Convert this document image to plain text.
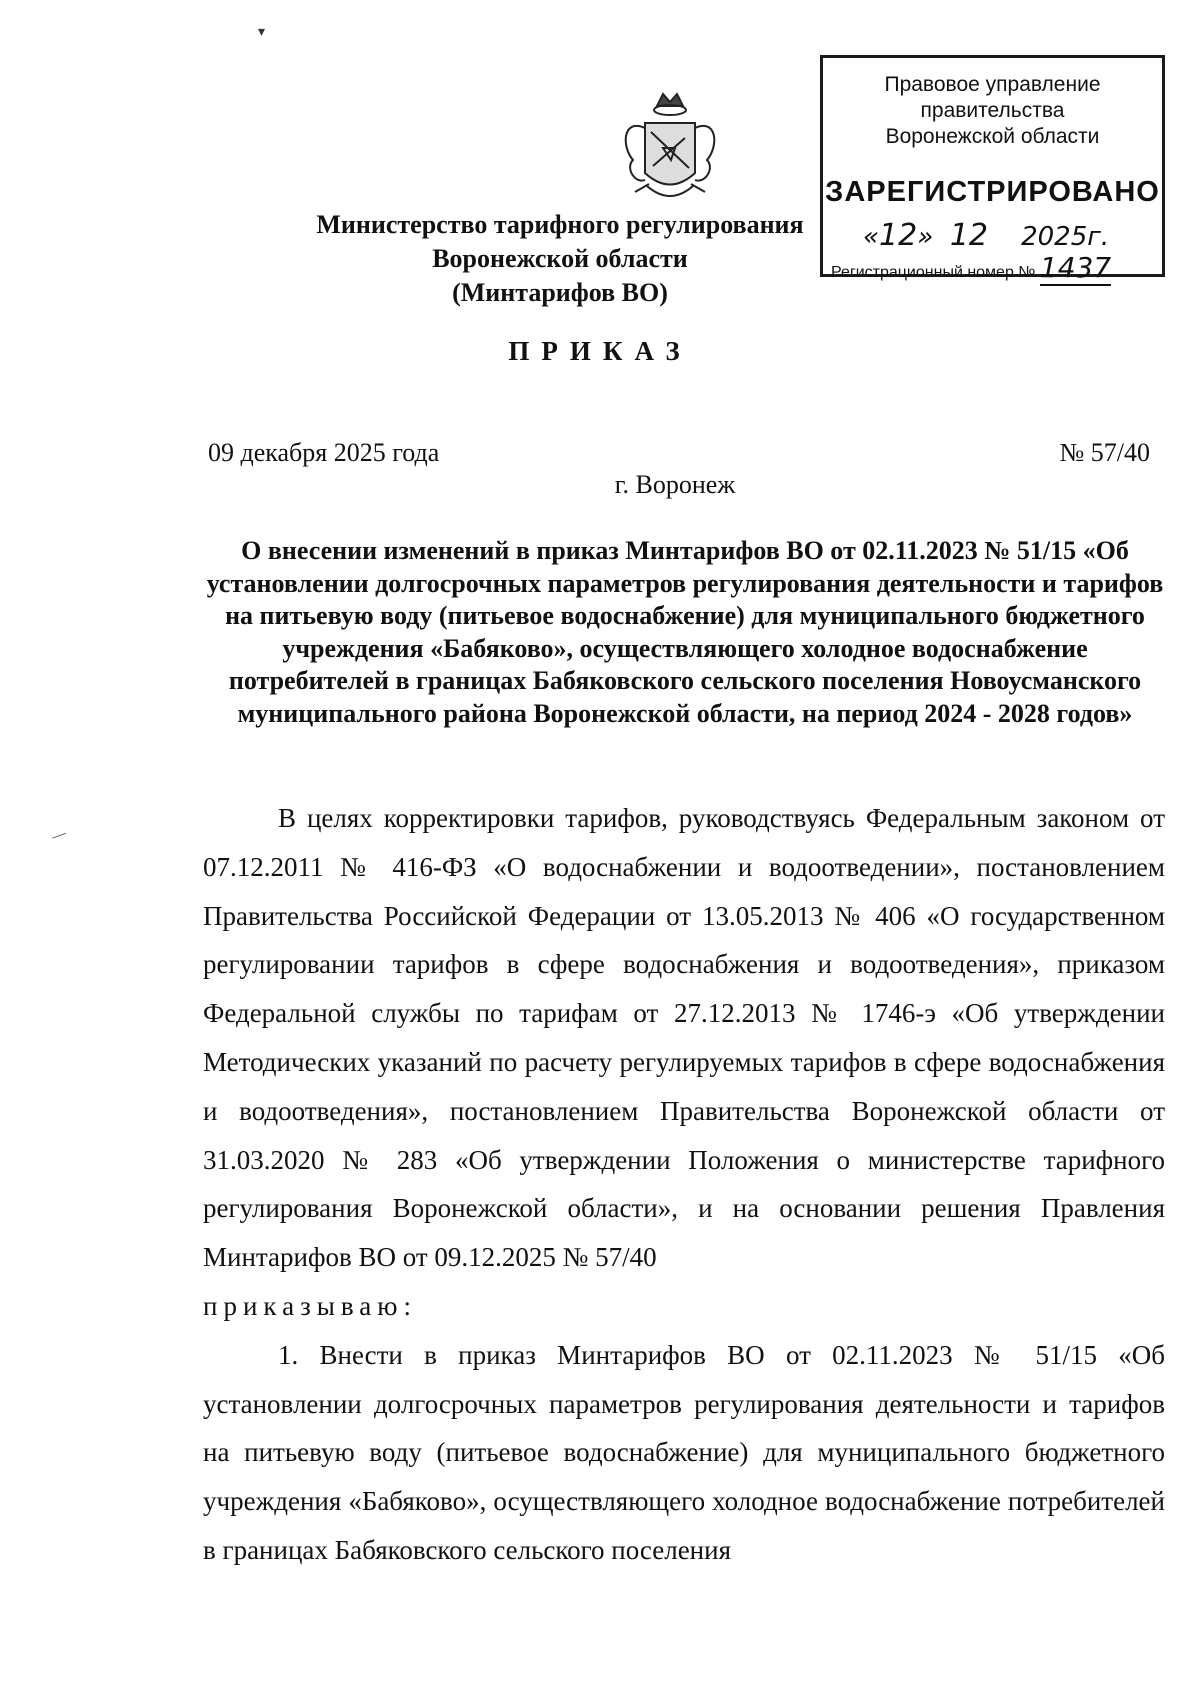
▾
—
Правовое управление правительства
Воронежской области
ЗАРЕГИСТРИРОВАНО
«12»  12 2025г.
Регистрационный номер № 1437
Министерство тарифного регулирования
Воронежской области
(Минтарифов ВО)
ПРИКАЗ
09 декабря 2025 года	№ 57/40
г. Воронеж
О внесении изменений в приказ Минтарифов ВО от 02.11.2023 № 51/15 «Об установлении долгосрочных параметров регулирования деятельности и тарифов на питьевую воду (питьевое водоснабжение) для муниципального бюджетного учреждения «Бабяково», осуществляющего холодное водоснабжение потребителей в границах Бабяковского сельского поселения Новоусманского муниципального района Воронежской области, на период 2024 - 2028 годов»

В целях корректировки тарифов, руководствуясь Федеральным законом от 07.12.2011 № 416-ФЗ «О водоснабжении и водоотведении», постановлением Правительства Российской Федерации от 13.05.2013 № 406 «О государственном регулировании тарифов в сфере водоснабжения и водоотведения», приказом Федеральной службы по тарифам от 27.12.2013 № 1746-э «Об утверждении Методических указаний по расчету регулируемых тарифов в сфере водоснабжения и водоотведения», постановлением Правительства Воронежской области от 31.03.2020 № 283 «Об утверждении Положения о министерстве тарифного регулирования Воронежской области», и на основании решения Правления Минтарифов ВО от 09.12.2025 № 57/40

приказываю:

1. Внести в приказ Минтарифов ВО от 02.11.2023 № 51/15 «Об установлении долгосрочных параметров регулирования деятельности и тарифов на питьевую воду (питьевое водоснабжение) для муниципального бюджетного учреждения «Бабяково», осуществляющего холодное водоснабжение потребителей в границах Бабяковского сельского поселения
